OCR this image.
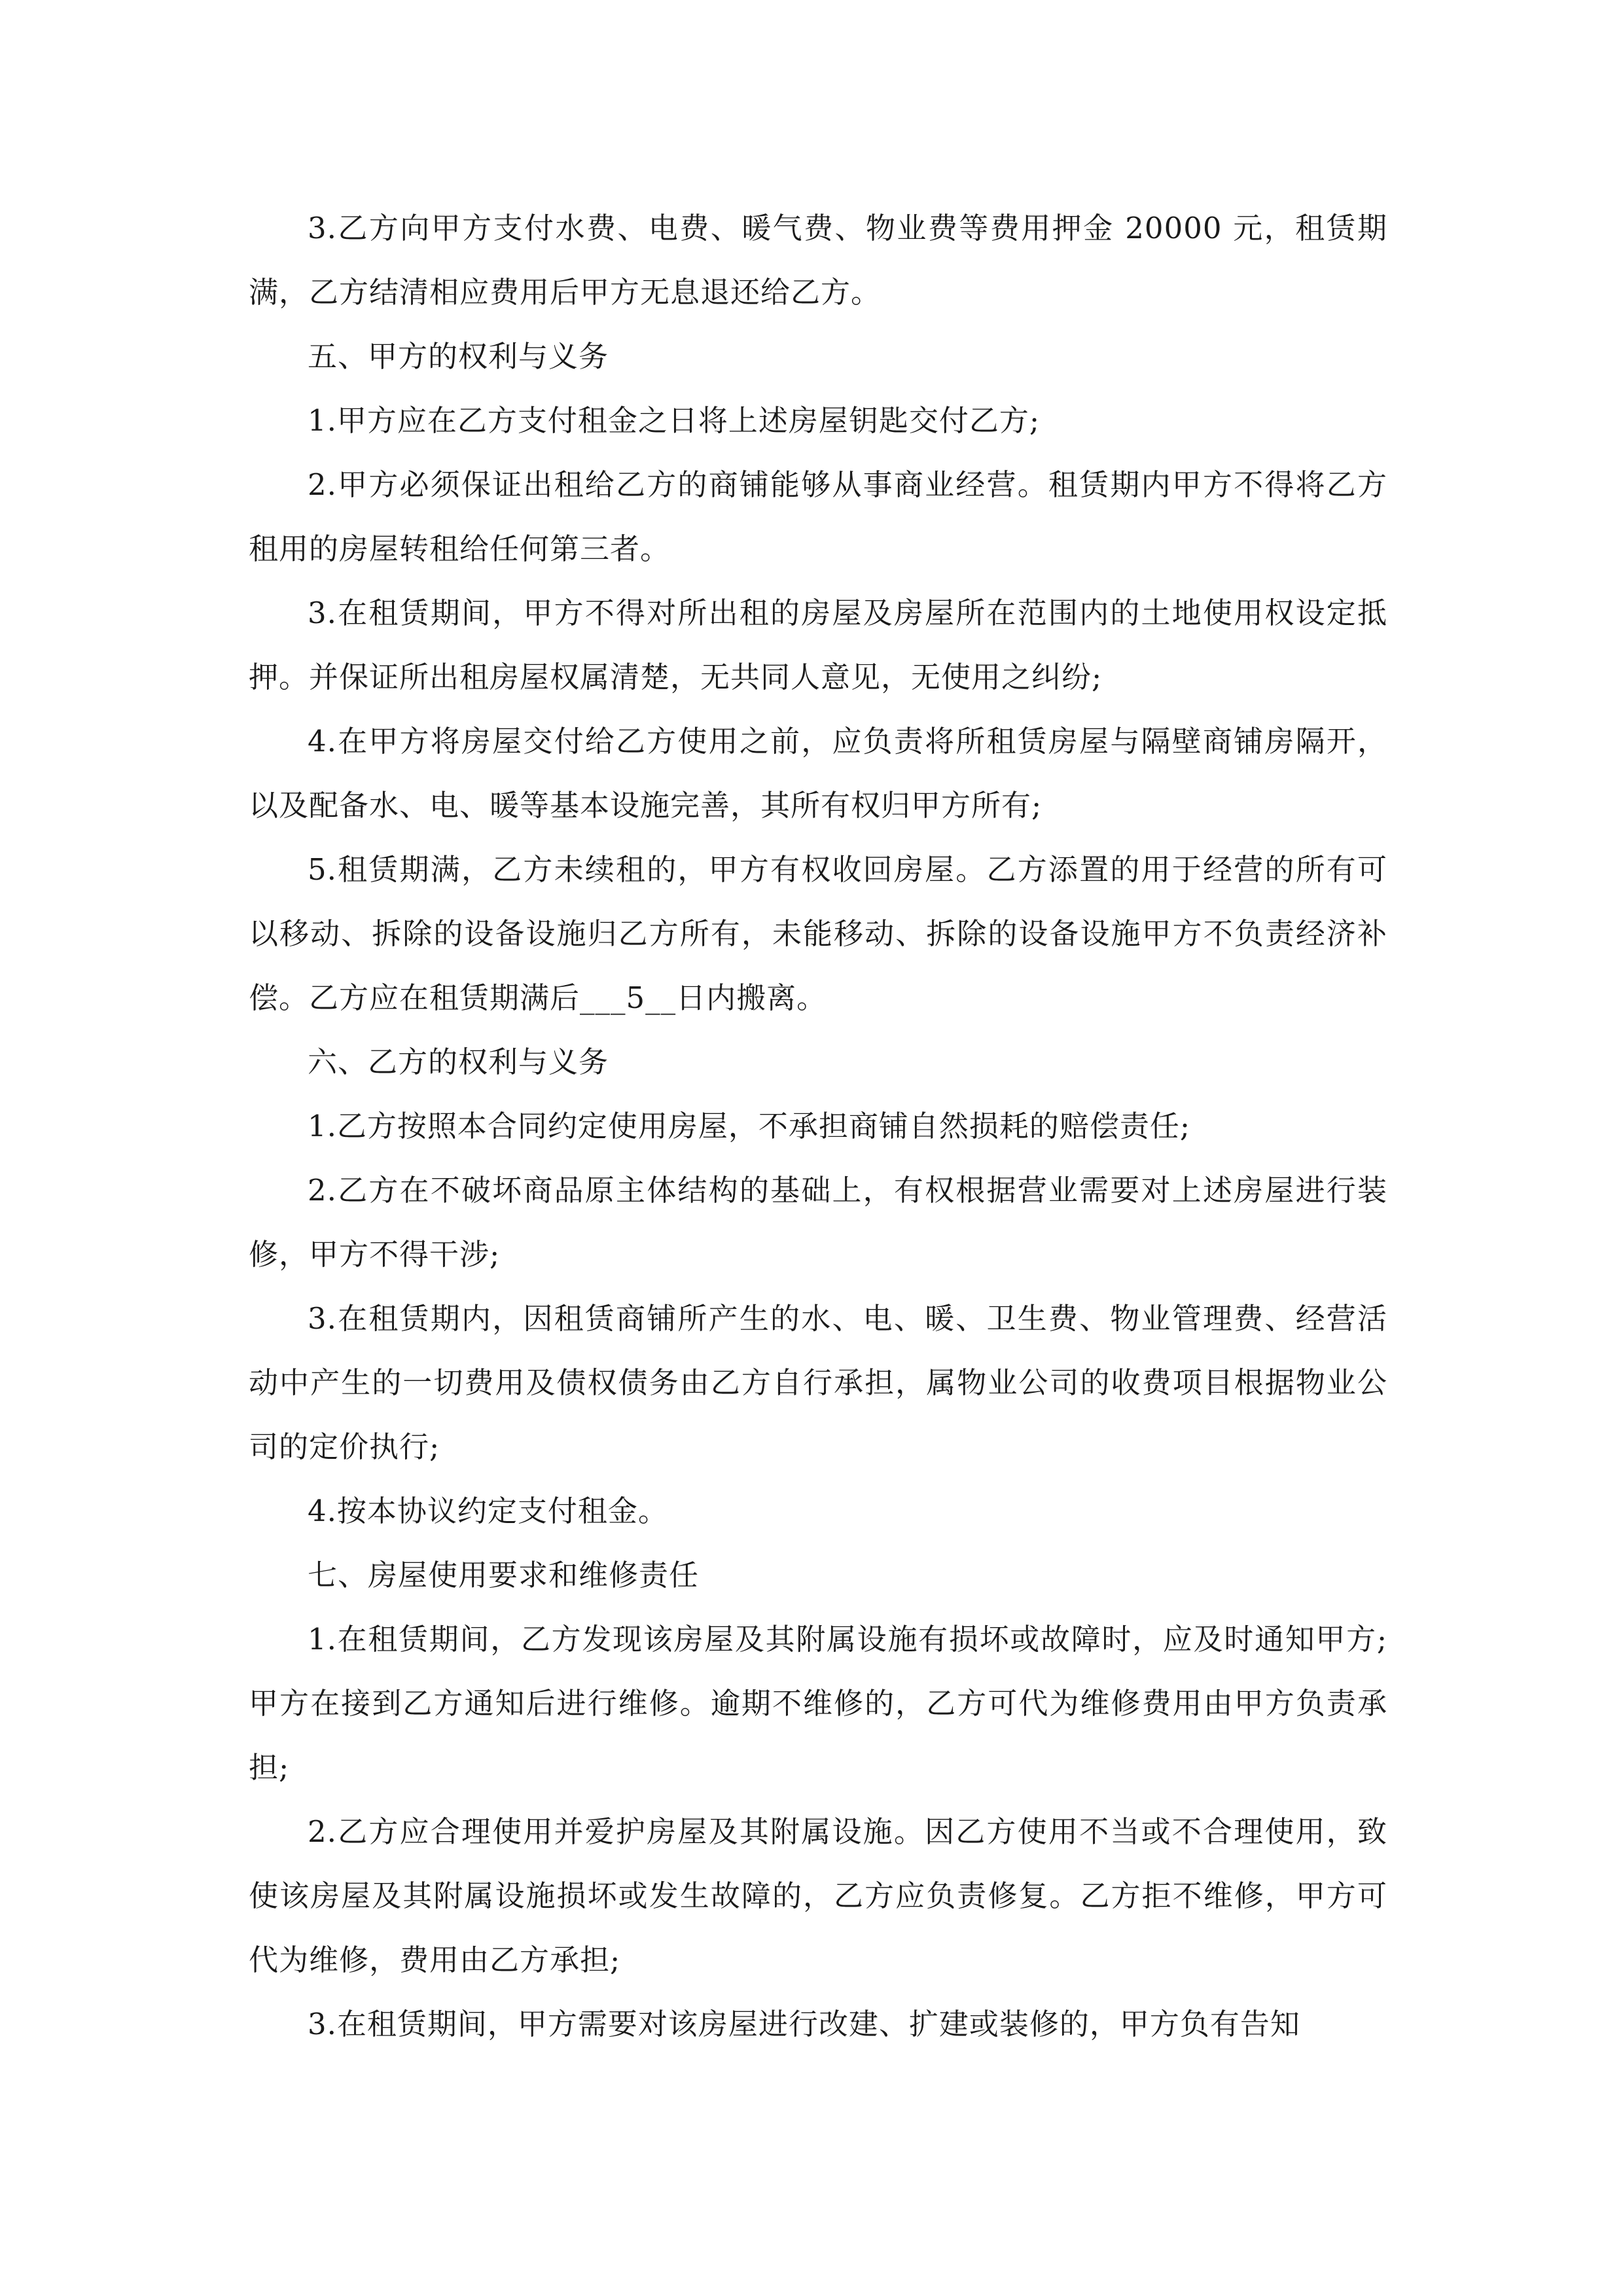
3.乙方向甲方支付水费、电费、暖气费、物业费等费用押金 20000 元，租赁期满，乙方结清相应费用后甲方无息退还给乙方。

五、甲方的权利与义务

1.甲方应在乙方支付租金之日将上述房屋钥匙交付乙方;

2.甲方必须保证出租给乙方的商铺能够从事商业经营。租赁期内甲方不得将乙方租用的房屋转租给任何第三者。

3.在租赁期间，甲方不得对所出租的房屋及房屋所在范围内的土地使用权设定抵押。并保证所出租房屋权属清楚，无共同人意见，无使用之纠纷;

4.在甲方将房屋交付给乙方使用之前，应负责将所租赁房屋与隔壁商铺房隔开，以及配备水、电、暖等基本设施完善，其所有权归甲方所有;

5.租赁期满，乙方未续租的，甲方有权收回房屋。乙方添置的用于经营的所有可以移动、拆除的设备设施归乙方所有，未能移动、拆除的设备设施甲方不负责经济补偿。乙方应在租赁期满后___5__日内搬离。

六、乙方的权利与义务

1.乙方按照本合同约定使用房屋，不承担商铺自然损耗的赔偿责任;

2.乙方在不破坏商品原主体结构的基础上，有权根据营业需要对上述房屋进行装修，甲方不得干涉;

3.在租赁期内，因租赁商铺所产生的水、电、暖、卫生费、物业管理费、经营活动中产生的一切费用及债权债务由乙方自行承担，属物业公司的收费项目根据物业公司的定价执行;

4.按本协议约定支付租金。

七、房屋使用要求和维修责任

1.在租赁期间，乙方发现该房屋及其附属设施有损坏或故障时，应及时通知甲方;甲方在接到乙方通知后进行维修。逾期不维修的，乙方可代为维修费用由甲方负责承担;

2.乙方应合理使用并爱护房屋及其附属设施。因乙方使用不当或不合理使用，致使该房屋及其附属设施损坏或发生故障的，乙方应负责修复。乙方拒不维修，甲方可代为维修，费用由乙方承担;

3.在租赁期间，甲方需要对该房屋进行改建、扩建或装修的，甲方负有告知
